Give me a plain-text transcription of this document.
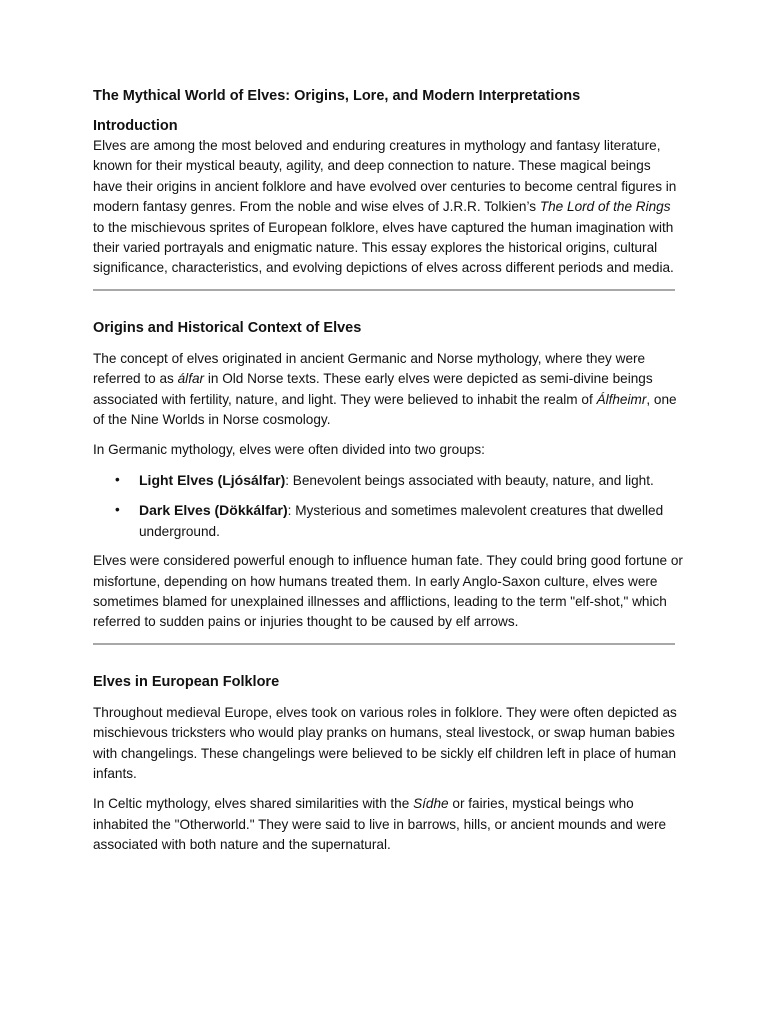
The Mythical World of Elves: Origins, Lore, and Modern Interpretations
Introduction

Elves are among the most beloved and enduring creatures in mythology and fantasy literature, known for their mystical beauty, agility, and deep connection to nature. These magical beings have their origins in ancient folklore and have evolved over centuries to become central figures in modern fantasy genres. From the noble and wise elves of J.R.R. Tolkien’s The Lord of the Rings to the mischievous sprites of European folklore, elves have captured the human imagination with their varied portrayals and enigmatic nature. This essay explores the historical origins, cultural significance, characteristics, and evolving depictions of elves across different periods and media.

Origins and Historical Context of Elves

The concept of elves originated in ancient Germanic and Norse mythology, where they were referred to as álfar in Old Norse texts. These early elves were depicted as semi-divine beings associated with fertility, nature, and light. They were believed to inhabit the realm of Álfheimr, one of the Nine Worlds in Norse cosmology.

In Germanic mythology, elves were often divided into two groups:

• Light Elves (Ljósálfar): Benevolent beings associated with beauty, nature, and light.
• Dark Elves (Dökkálfar): Mysterious and sometimes malevolent creatures that dwelled underground.

Elves were considered powerful enough to influence human fate. They could bring good fortune or misfortune, depending on how humans treated them. In early Anglo-Saxon culture, elves were sometimes blamed for unexplained illnesses and afflictions, leading to the term "elf-shot," which referred to sudden pains or injuries thought to be caused by elf arrows.

Elves in European Folklore

Throughout medieval Europe, elves took on various roles in folklore. They were often depicted as mischievous tricksters who would play pranks on humans, steal livestock, or swap human babies with changelings. These changelings were believed to be sickly elf children left in place of human infants.

In Celtic mythology, elves shared similarities with the Sídhe or fairies, mystical beings who inhabited the "Otherworld." They were said to live in barrows, hills, or ancient mounds and were associated with both nature and the supernatural.
